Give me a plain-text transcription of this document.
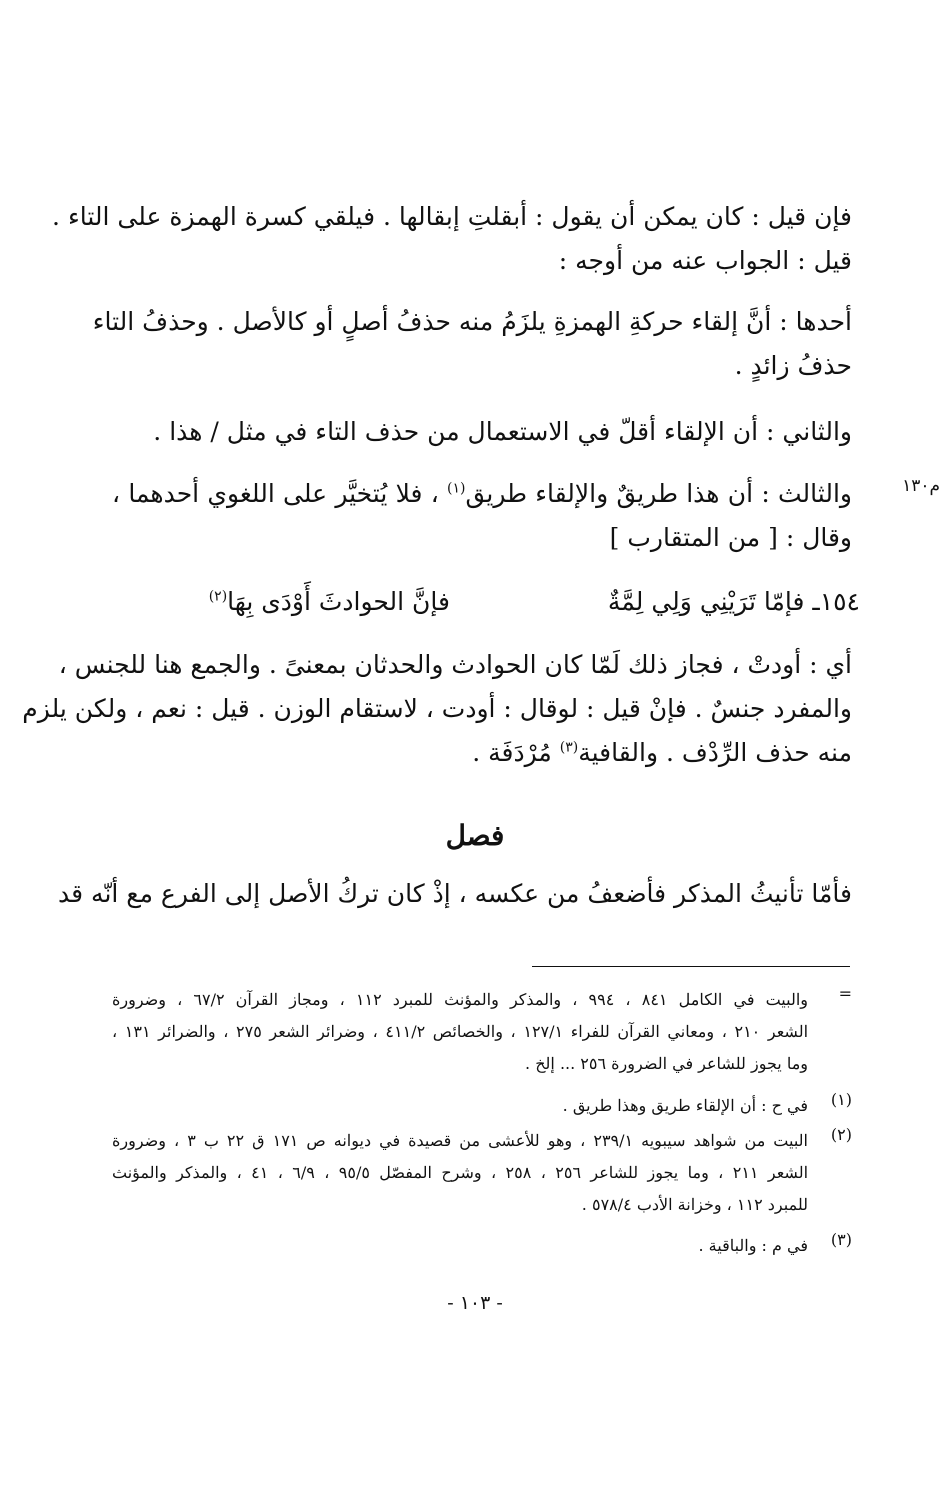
فإن قيل : كان يمكن أن يقول : أبقلتِ إبقالها . فيلقي كسرة الهمزة على التاء .
قيل : الجواب عنه من أوجه :
أحدها : أنَّ إلقاء حركةِ الهمزةِ يلزَمُ منه حذفُ أصلٍ أو كالأصل . وحذفُ التاء
حذفُ زائدٍ .
والثاني : أن الإلقاء أقلّ في الاستعمال من حذف التاء في مثل / هذا .
م١٣٠
والثالث : أن هذا طريقٌ والإلقاء طريق$^{(١)}$ ، فلا يُتخيَّر على اللغوي أحدهما ،
وقال : [ من المتقارب ]
١٥٤ـ فإمّا تَرَيْنِي وَلِي لِمَّةٌ
فإنَّ الحوادثَ أَوْدَى بِهَا$^{(٢)}$
أي : أودتْ ، فجاز ذلك لَمّا كان الحوادث والحدثان بمعنىً . والجمع هنا للجنس ،
والمفرد جنسٌ . فإنْ قيل : لوقال : أودت ، لاستقام الوزن . قيل : نعم ، ولكن يلزم
منه حذف الرِّدْف . والقافية$^{(٣)}$ مُرْدَفَة .
فصل
فأمّا تأنيثُ المذكر فأضعفُ من عكسه ، إذْ كان تركُ الأصل إلى الفرع مع أنّه قد
=
والبيت في الكامل ٨٤١ ، ٩٩٤ ، والمذكر والمؤنث للمبرد ١١٢ ، ومجاز القرآن ٦٧/٢ ، وضرورة
الشعر ٢١٠ ، ومعاني القرآن للفراء ١٢٧/١ ، والخصائص ٤١١/٢ ، وضرائر الشعر ٢٧٥ ، والضرائر ١٣١ ،
وما يجوز للشاعر في الضرورة ٢٥٦ ... إلخ .
(١)
في ح : أن الإلقاء طريق وهذا طريق .
(٢)
البيت من شواهد سيبويه ٢٣٩/١ ، وهو للأعشى من قصيدة في ديوانه ص ١٧١ ق ٢٢ ب ٣ ، وضرورة
الشعر ٢١١ ، وما يجوز للشاعر ٢٥٦ ، ٢٥٨ ، وشرح المفصّل ٩٥/٥ ، ٦/٩ ، ٤١ ، والمذكر والمؤنث
للمبرد ١١٢ ، وخزانة الأدب ٥٧٨/٤ .
(٣)
في م : والباقية .
- ١٠٣ -
